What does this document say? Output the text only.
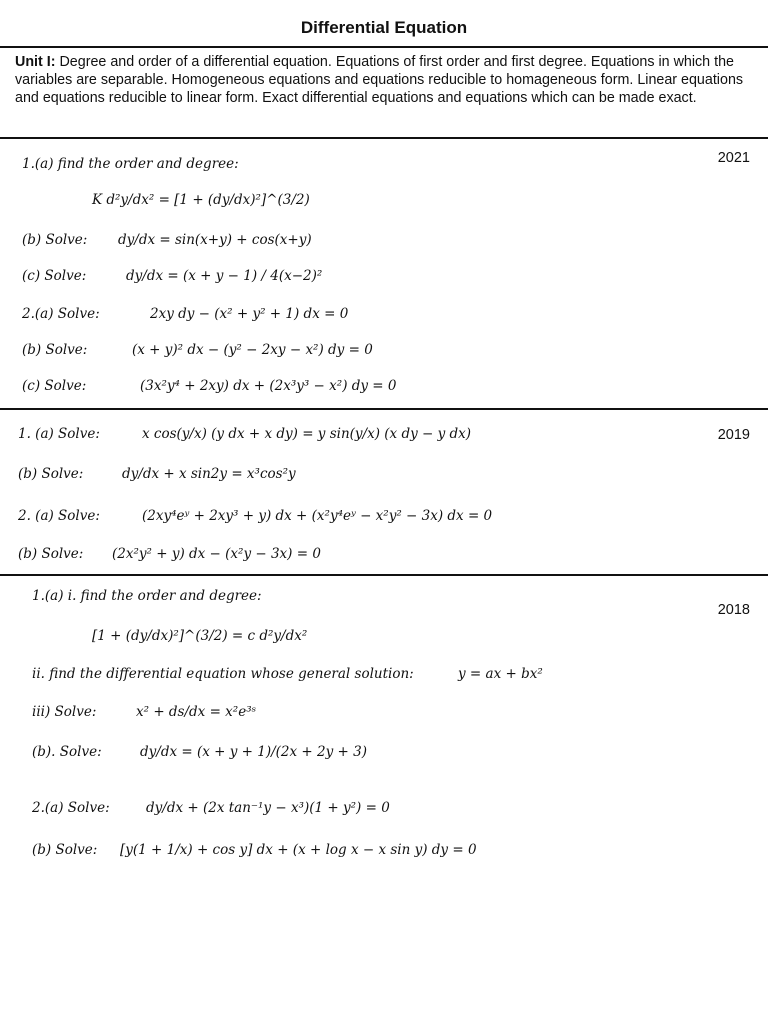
Differential Equation
Unit I: Degree and order of a differential equation. Equations of first order and first degree. Equations in which the variables are separable. Homogeneous equations and equations reducible to homageneous form. Linear equations and equations reducible to linear form. Exact differential equations and equations which can be made exact.
2021
1.(a) find the order and degree:
K d²y/dx² = [1 + (dy/dx)²]^(3/2)
(b) Solve: dy/dx = sin(x+y) + cos(x+y)
(c) Solve:	dy/dx = (x + y − 1) / 4(x−2)²
2.(a) Solve:	2xy dy − (x² + y² + 1) dx = 0
(b) Solve:	(x + y)² dx − (y² − 2xy − x²) dy = 0
(c) Solve:	(3x²y⁴ + 2xy) dx + (2x³y³ − x²) dy = 0
2019
1. (a) Solve:	x cos(y/x) (y dx + x dy) = y sin(y/x) (x dy − y dx)
(b) Solve:	dy/dx + x sin2y = x³cos²y
2. (a) Solve:	(2xy⁴eʸ + 2xy³ + y) dx + (x²y⁴eʸ − x²y² − 3x) dx = 0
(b) Solve: (2x²y² + y) dx − (x²y − 3x) = 0
2018
1.(a) i. find the order and degree:
[1 + (dy/dx)²]^(3/2) = c d²y/dx²
ii. find the differential equation whose general solution:	y = ax + bx²
iii) Solve:	x² + ds/dx = x²e³ˢ
(b). Solve:	dy/dx = (x + y + 1)/(2x + 2y + 3)
2.(a) Solve:	dy/dx + (2x tan⁻¹y − x³)(1 + y²) = 0
(b) Solve: [y(1 + 1/x) + cos y] dx + (x + log x − x sin y) dy = 0
